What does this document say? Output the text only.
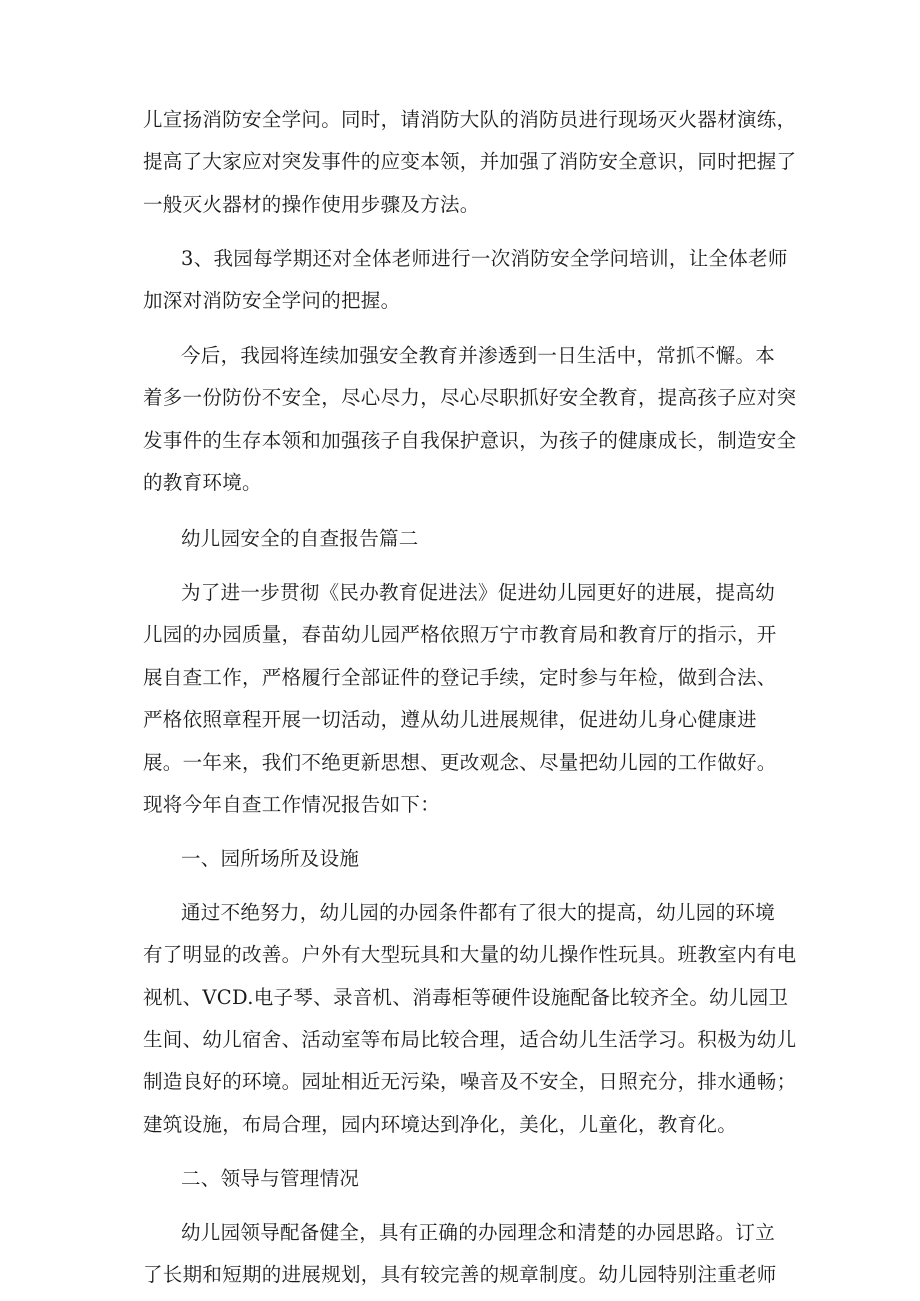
儿宣扬消防安全学问。同时，请消防大队的消防员进行现场灭火器材演练，

提高了大家应对突发事件的应变本领，并加强了消防安全意识，同时把握了

一般灭火器材的操作使用步骤及方法。

3、我园每学期还对全体老师进行一次消防安全学问培训，让全体老师

加深对消防安全学问的把握。

今后，我园将连续加强安全教育并渗透到一日生活中，常抓不懈。本

着多一份防份不安全，尽心尽力，尽心尽职抓好安全教育，提高孩子应对突

发事件的生存本领和加强孩子自我保护意识，为孩子的健康成长，制造安全

的教育环境。

幼儿园安全的自查报告篇二

为了进一步贯彻《民办教育促进法》促进幼儿园更好的进展，提高幼

儿园的办园质量，春苗幼儿园严格依照万宁市教育局和教育厅的指示，开

展自查工作，严格履行全部证件的登记手续，定时参与年检，做到合法、

严格依照章程开展一切活动，遵从幼儿进展规律，促进幼儿身心健康进

展。一年来，我们不绝更新思想、更改观念、尽量把幼儿园的工作做好。

现将今年自查工作情况报告如下：

一、园所场所及设施

通过不绝努力，幼儿园的办园条件都有了很大的提高，幼儿园的环境

有了明显的改善。户外有大型玩具和大量的幼儿操作性玩具。班教室内有电

视机、VCD.电子琴、录音机、消毒柜等硬件设施配备比较齐全。幼儿园卫

生间、幼儿宿舍、活动室等布局比较合理，适合幼儿生活学习。积极为幼儿

制造良好的环境。园址相近无污染，噪音及不安全，日照充分，排水通畅；

建筑设施，布局合理，园内环境达到净化，美化，儿童化，教育化。

二、领导与管理情况

幼儿园领导配备健全，具有正确的办园理念和清楚的办园思路。订立

了长期和短期的进展规划，具有较完善的规章制度。幼儿园特别注重老师
